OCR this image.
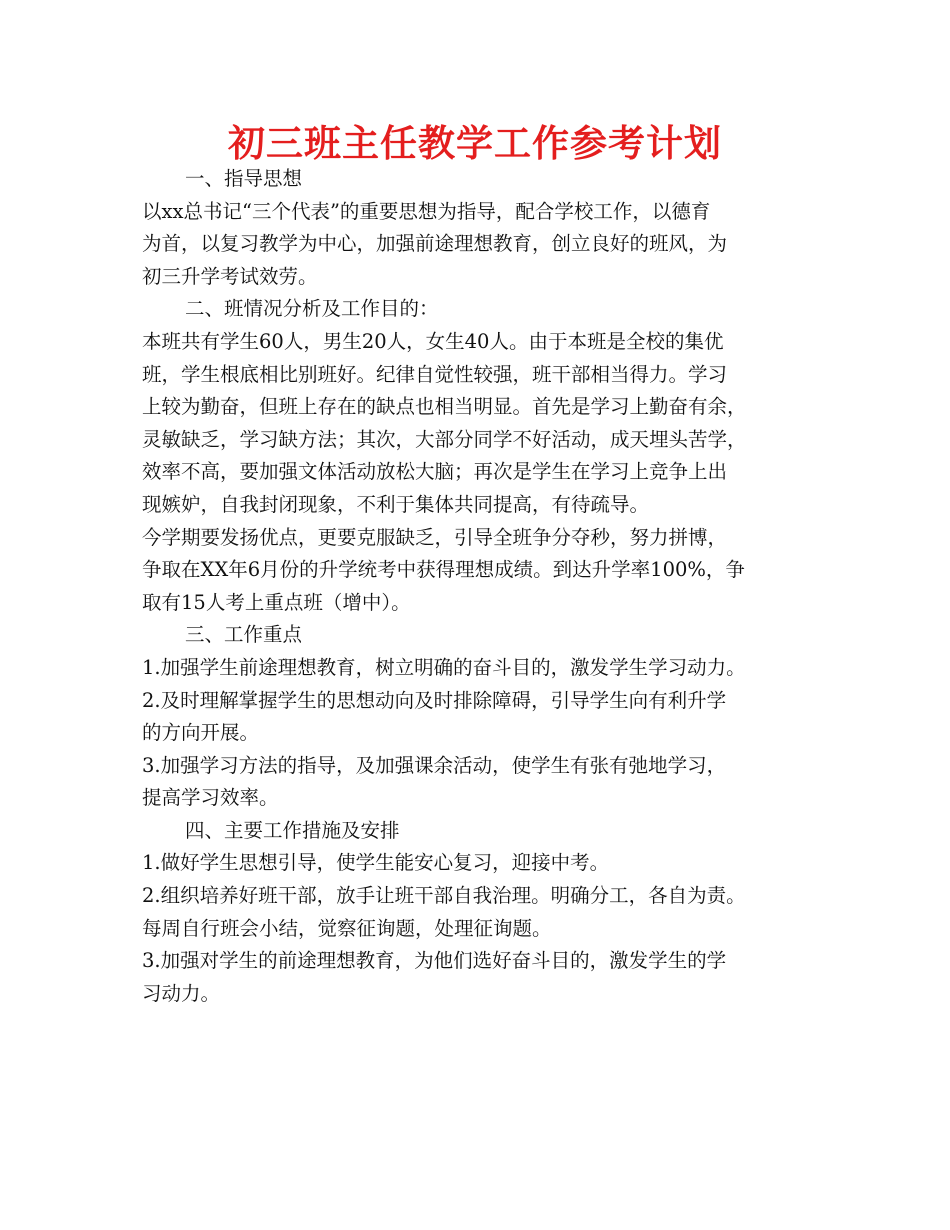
初三班主任教学工作参考计划
一、指导思想
以xx总书记“三个代表”的重要思想为指导，配合学校工作，以德育
为首，以复习教学为中心，加强前途理想教育，创立良好的班风，为
初三升学考试效劳。
二、班情况分析及工作目的：
本班共有学生60人，男生20人，女生40人。由于本班是全校的集优
班，学生根底相比别班好。纪律自觉性较强，班干部相当得力。学习
上较为勤奋，但班上存在的缺点也相当明显。首先是学习上勤奋有余，
灵敏缺乏，学习缺方法；其次，大部分同学不好活动，成天埋头苦学，
效率不高，要加强文体活动放松大脑；再次是学生在学习上竞争上出
现嫉妒，自我封闭现象，不利于集体共同提高，有待疏导。
今学期要发扬优点，更要克服缺乏，引导全班争分夺秒，努力拼博，
争取在XX年6月份的升学统考中获得理想成绩。到达升学率100%，争
取有15人考上重点班（增中）。
三、工作重点
1.加强学生前途理想教育，树立明确的奋斗目的，激发学生学习动力。
2.及时理解掌握学生的思想动向及时排除障碍，引导学生向有利升学
的方向开展。
3.加强学习方法的指导，及加强课余活动，使学生有张有弛地学习，
提高学习效率。
四、主要工作措施及安排
1.做好学生思想引导，使学生能安心复习，迎接中考。
2.组织培养好班干部，放手让班干部自我治理。明确分工，各自为责。
每周自行班会小结，觉察征询题，处理征询题。
3.加强对学生的前途理想教育，为他们选好奋斗目的，激发学生的学
习动力。
